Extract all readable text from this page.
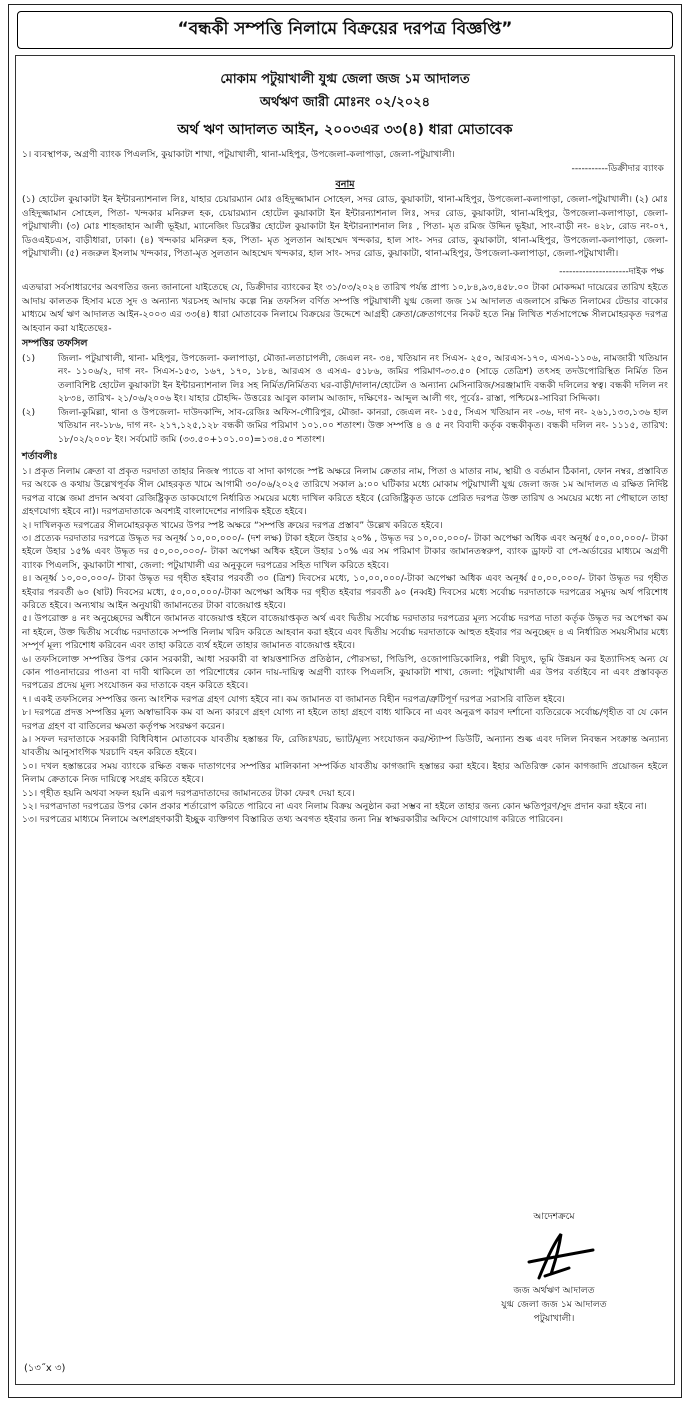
“বন্ধকী সম্পত্তি নিলামে বিক্রয়ের দরপত্র বিজ্ঞপ্তি”
মোকাম পটুয়াখালী যুগ্ম জেলা জজ ১ম আদালত
অর্থঋণ জারী মোঃনং ০২/২০২৪
অর্থ ঋণ আদালত আইন, ২০০৩এর ৩৩(৪) ধারা মোতাবেক
১। ব্যবস্থাপক, অগ্রণী ব্যাংক পিএলসি, কুয়াকাটা শাখা, পটুয়াখালী, থানা-মহিপুর, উপজেলা-কলাপাড়া, জেলা-পটুয়াখালী।
-----------ডিক্রীদার ব্যাংক
বনাম
(১) হোটেল কুয়াকাটা ইন ইন্টারন্যাশনাল লিঃ, যাহার চেয়ারম্যান মোঃ ওহিদুজ্জামান সোহেল, সদর রোড, কুয়াকাটা, থানা-মহিপুর, উপজেলা-কলাপাড়া, জেলা-পটুয়াখালী। (২) মোঃ ওহিদুজ্জামান সোহেল, পিতা- খন্দকার মনিরুল হক, চেয়ারম্যান হোটেল কুয়াকাটা ইন ইন্টারন্যাশনাল লিঃ, সদর রোড, কুয়াকাটা, থানা-মহিপুর, উপজেলা-কলাপাড়া, জেলা-পটুয়াখালী। (৩) মোঃ শাহজাহান আলী ভূইয়া, ম্যানেজিং ডিরেক্টর হোটেল কুয়াকাটা ইন ইন্টারন্যাশনাল লিঃ , পিতা- মৃত রমিজ উদ্দিন ভূইয়া, সাং-বাড়ী নং- ৪২৮, রোড নং-০৭, ডিওএইচএস, বাড়ীধারা, ঢাকা। (৪) খন্দকার মনিরুল হক, পিতা- মৃত সুলতান আহম্মেদ খন্দকার, হাল সাং- সদর রোড, কুয়াকাটা, থানা-মহিপুর, উপজেলা-কলাপাড়া, জেলা-পটুয়াখালী। (৫) নজরুল ইসলাম খন্দকার, পিতা-মৃত সুলতান আহম্মেদ খন্দকার, হাল সাং- সদর রোড, কুয়াকাটা, থানা-মহিপুর, উপজেলা-কলাপাড়া, জেলা-পটুয়াখালী।
---------------------দাইক পক্ষ
এতদ্বারা সর্বসাধারণের অবগতির জন্য জানানো যাইতেছে যে, ডিক্রীদার ব্যাংকের ইং ৩১/০৩/২০২৪ তারিখ পর্যন্ত প্রাপ্য ১০,৮৪,৯৩,৪৫৮.০০ টাকা মোকদ্দমা দায়েরের তারিখ হইতে আদায় কালতক হিসাব মতে সুদ ও অন্যান্য খরচসহ আদায় কল্পে নিম্ন তফসিল বর্ণিত সম্পত্তি পটুয়াখালী যুগ্ম জেলা জজ ১ম আদালত এজলাসে রক্ষিত নিলামের টেন্ডার বাকোর মাধ্যমে অর্থ ঋণ আদালত আইন-২০০৩ এর ৩৩(৪) ধারা মোতাবেক নিলামে বিক্রয়ের উদ্দেশে আগ্রহী ক্রেতা/ক্রেতাগণের নিকট হতে নিম্ন লিখিত শর্তসাপেক্ষে সীলমোহরকৃত দরপত্র আহবান করা যাইতেছেঃ-
সম্পত্তির তফসিল
(১)	জিলা- পটুয়াখালী, থানা- মহিপুর, উপজেলা- কলাপাড়া, মৌজা-লতাচাপলী, জেএল নং- ৩৪, খতিয়ান নং সিএস- ২৫০, আরএস-১৭০, এসএ-১১০৬, নামজারী খতিয়ান নং- ১১০৬/২, দাগ নং- সিএস-১৫৩, ১৬৭, ১৭০, ১৮৪, আরএস ও এসএ- ৫১৮৬, জমির পরিমাণ-৩৩.৫০ (সাড়ে তেত্রিশ) তৎসহ তদউপোরিস্থিত নির্মিত তিন তলাবিশিষ্ট হোটেল কুয়াকাটা ইন ইন্টারন্যাশনাল লিঃ সহ নির্মিত/নির্মিতব্য ঘর-বাড়ী/দালান/হোটেল ও অন্যান্য মেসিনারিজ/সরঞ্জামাদি বন্ধকী দলিলের স্বত্ব। বন্ধকী দলিল নং ২৮৩৪, তারিখ- ২১/০৬/২০০৬ ইং। যাহার চৌহদ্দি- উত্তরেঃ আবুল কালাম আজাদ, দক্ষিণেঃ- আব্দুল আলী গং, পূর্বেঃ- রাস্তা, পশ্চিমেঃ-সাবিরা সিদ্দিকা।
(২)	জিলা-কুমিল্লা, থানা ও উপজেলা- দাউদকান্দি, সাব-রেজিঃ অফিস-গৌরিপুর, মৌজা- কানরা, জেএল নং- ১৫৫, সিএস খতিয়ান নং -৩৬, দাগ নং- ২৬১,১৩৩,১৩৬ হাল খতিয়ান নং-১৮৬, দাগ নং- ২১৭,১২৫,১২৮ বন্ধকী জমির পরিমাণ ১০১.০০ শতাংশ। উক্ত সম্পত্তি ৪ ও ৫ নং বিবাদী কর্তৃক বন্ধকীকৃত। বন্ধকী দলিল নং- ১১১৫, তারিখ: ১৮/০২/২০০৮ ইং। সর্বমোট জমি (৩৩.৫০+১০১.০০)=১৩৪.৫০ শতাংশ।
শর্তাবলীঃ
১। প্রকৃত নিলাম ক্রেতা বা প্রকৃত দরদাতা তাহার নিজস্ব প্যাডে বা সাদা কাগজে স্পষ্ট অক্ষরে নিলাম ক্রেতার নাম, পিতা ও মাতার নাম, স্থায়ী ও বর্তমান ঠিকানা, ফোন নম্বর, প্রস্তাবিত দর অংকে ও কথায় উল্লেখপূর্বক সীল মোহরকৃত খামে আগামী ৩০/০৬/২০২৫ তারিখে সকাল ৯:০০ ঘটিকার মধ্যে মোকাম পটুয়াখালী যুগ্ম জেলা জজ ১ম আদালত এ রক্ষিত নির্দিষ্ট দরপত্র বাক্সে জমা প্রদান অথবা রেজিষ্ট্রিকৃত ডাকযোগে নির্ধারিত সময়ের মধ্যে দাখিল করিতে হইবে (রেজিষ্ট্রিকৃত ডাকে প্রেরিত দরপত্র উক্ত তারিখ ও সময়ের মধ্যে না পৌছালে তাহা গ্রহণযোগ্য হইবে না)। দরপত্রদাতাকে অবশ্যই বাংলাদেশের নাগরিক হইতে হইবে।
২। দাখিলকৃত দরপত্রের সীলমোহরকৃত খামের উপর স্পষ্ট অক্ষরে “সম্পত্তি ক্রয়ের দরপত্র প্রস্তাব” উল্লেখ করিতে হইবে।
৩। প্রত্যেক দরদাতার দরপত্রে উদ্ধৃত দর অনূর্ধ্ব ১০,০০,০০০/- (দশ লক্ষ) টাকা হইলে উহার ২০% , উদ্ধৃত দর ১০,০০,০০০/- টাকা অপেক্ষা অধিক এবং অনূর্ধ্ব ৫০,০০,০০০/- টাকা হইলে উহার ১৫% এবং উদ্ধৃত দর ৫০,০০,০০০/- টাকা অপেক্ষা অধিক হইলে উহার ১০% এর সম পরিমাণ টাকার জামানতস্বরুপ, ব্যাংক ড্রাফট বা পে-অর্ডারের মাধ্যমে অগ্রণী ব্যাংক পিএলসি, কুয়াকাটা শাখা, জেলা: পটুয়াখালী এর অনুকূলে দরপত্রের সহিত দাখিল করিতে হইবে।
৪। অনূর্ধ্ব ১০,০০,০০০/- টাকা উদ্ধৃত দর গৃহীত হইবার পরবর্তী ৩০ (ত্রিশ) দিবসের মধ্যে, ১০,০০,০০০/-টাকা অপেক্ষা অধিক এবং অনূর্ধ্ব ৫০,০০,০০০/- টাকা উদ্ধৃত দর গৃহীত হইবার পরবর্তী ৬০ (ষাট) দিবসের মধ্যে, ৫০,০০,০০০/-টাকা অপেক্ষা অধিক দর গৃহীত হইবার পরবর্তী ৯০ (নব্বই) দিবসের মধ্যে সর্বোচ্চ দরদাতাকে দরপত্রের সমুদয় অর্থ পরিশোধ করিতে হইবে। অন্যথায় আইন অনুযায়ী জামানতের টাকা বাজেয়াপ্ত হইবে।
৫। উপরোক্ত ৪ নং অনুচ্ছেদের অধীনে জামানত বাজেয়াপ্ত হইলে বাজেয়াপ্তকৃত অর্থ এবং দ্বিতীয় সর্বোচ্চ দরদাতার দরপত্রের মূল্য সর্বোচ্চ দরপত্র দাতা কর্তৃক উদ্ধৃত দর অপেক্ষা কম না হইলে, উক্ত দ্বিতীয় সর্বোচ্চ দরদাতাকে সম্পত্তি নিলাম খরিদ করিতে আহবান করা হইবে এবং দ্বিতীয় সর্বোচ্চ দরদাতাকে আহুত হইবার পর অনুচ্ছেদ ৪ এ নির্ধারিত সময়সীমার মধ্যে সম্পূর্ণ মূল্য পরিশোধ করিবেন এবং তাহা করিতে ব্যর্থ হইলে তাহার জামানত বাজেয়াপ্ত হইবে।
৬। তফসিলোক্ত সম্পত্তির উপর কোন সরকারী, আধা সরকারী বা স্বায়ত্তশাসিত প্রতিষ্ঠান, পৌরসভা, পিডিপি, ওজোপাডিকোলিঃ, পল্লী বিদ্যুৎ, ভূমি উন্নয়ন কর ইত্যাদিসহ অন্য যে কোন পাওনাদারের পাওনা বা দাবী থাকিলে তা পরিশোধের কোন দায়-দায়িত্ব অগ্রণী ব্যাংক পিএলসি, কুয়াকাটা শাখা, জেলা: পটুয়াখালী এর উপর বর্তাইবে না এবং প্রস্তাবকৃত দরপত্রের প্রদেয় মূল্য সংযোজন কর দাতাকে বহন করিতে হইবে।
৭। একই তফসিলের সম্পত্তির জন্য আংশিক দরপত্র গ্রহণ যোগ্য হইবে না। কম জামানত বা জামানত বিহীন দরপত্র/ত্রুটিপূর্ণ দরপত্র সরাসরি বাতিল হইবে।
৮। দরপত্রে প্রদত্ত সম্পত্তির মূল্য অস্বাভাবিক কম বা অন্য কারণে গ্রহণ যোগ্য না হইলে তাহা গ্রহণে বাধ্য থাকিবে না এবং অনুরূপ কারণ দর্শানো ব্যতিরেকে সর্বোচ্চ/গৃহীত বা যে কোন দরপত্র গ্রহণ বা বাতিলের ক্ষমতা কর্তৃপক্ষ সংরক্ষণ করেন।
৯। সফল দরদাতাকে সরকারী বিধিবিধান মোতাবেক যাবতীয় হস্তান্তর ফি, রেজিঃখরচ, ভ্যাট/মূল্য সংযোজন কর/স্ট্যাম্প ডিউটি, অন্যান্য শুল্ক এবং দলিল নিবন্ধন সংক্রান্ত অন্যান্য যাবতীয় আনুসাংগিক খরচাদি বহন করিতে হইবে।
১০। দখল হস্তান্তরের সময় ব্যাংকে রক্ষিত বন্ধক দাতাগণের সম্পত্তির মালিকানা সম্পর্কিত যাবতীয় কাগজাদি হস্তান্তর করা হইবে। ইহার অতিরিক্ত কোন কাগজাদি প্রয়োজন হইলে নিলাম ক্রেতাকে নিজ দায়িত্বে সংগ্রহ করিতে হইবে।
১১। গৃহীত হয়নি অথবা সফল হয়নি এরূপ দরপত্রদাতাদের জামানতের টাকা ফেরৎ দেয়া হবে।
১২। দরপত্রদাতা দরপত্রের উপর কোন প্রকার শর্তারোপ করিতে পারিবে না এবং নিলাম বিক্রয় অনুষ্ঠান করা সম্ভব না হইলে তাহার জন্য কোন ক্ষতিপূরণ/সুদ প্রদান করা হইবে না।
১৩। দরপত্রের মাধ্যমে নিলামে অংশগ্রহণকারী ইচ্ছুক ব্যক্তিগণ বিস্তারিত তথ্য অবগত হইবার জন্য নিম্ন স্বাক্ষরকারীর অফিসে যোগাযোগ করিতে পারিবেন।
আদেশক্রমে
জজ অর্থঋণ আদালত
যুগ্ম জেলা জজ ১ম আদালত
পটুয়াখালী।
(১৩˝x ৩)
